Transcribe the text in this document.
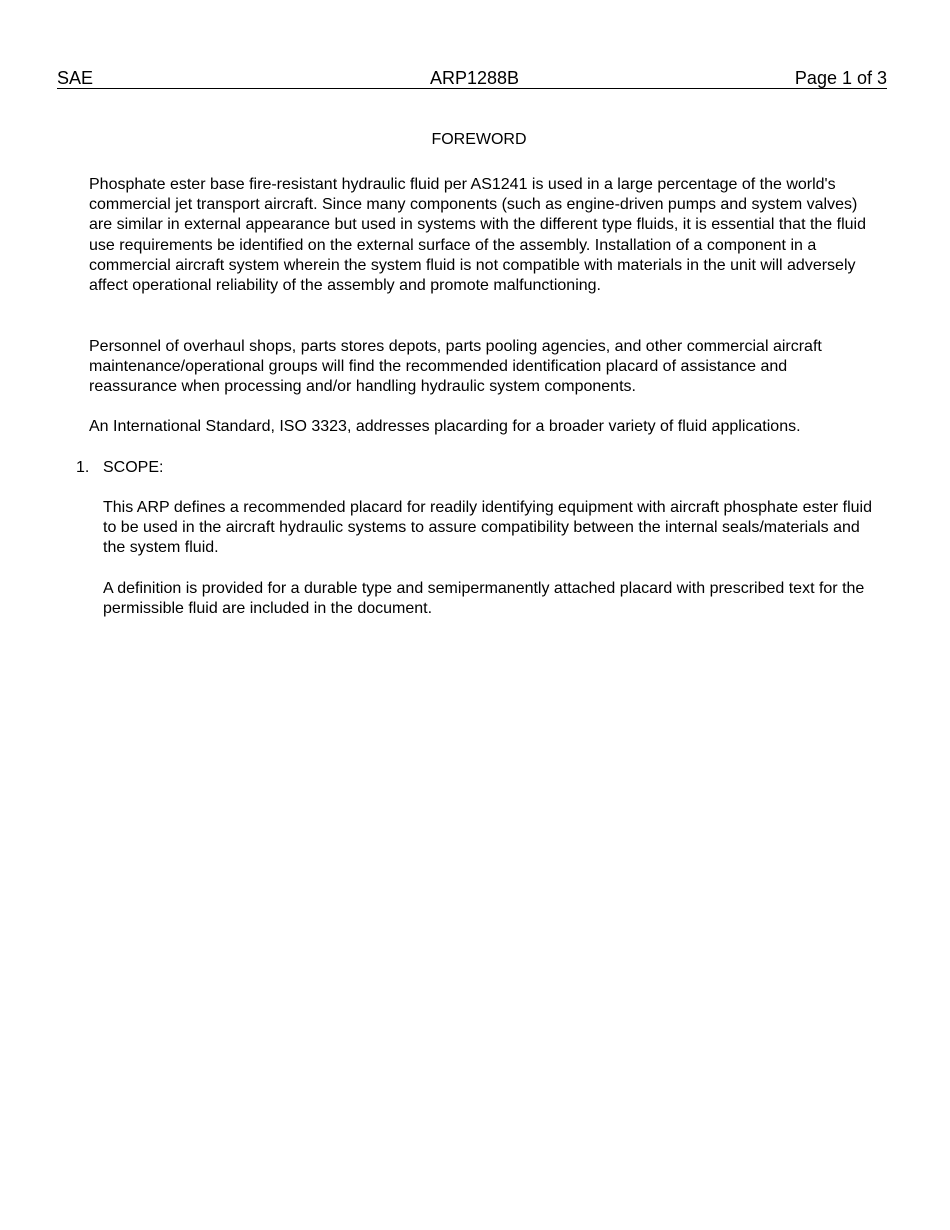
SAE	ARP1288B	Page 1 of 3
FOREWORD

Phosphate ester base fire-resistant hydraulic fluid per AS1241 is used in a large percentage of the world's commercial jet transport aircraft. Since many components (such as engine-driven pumps and system valves) are similar in external appearance but used in systems with the different type fluids, it is essential that the fluid use requirements be identified on the external surface of the assembly. Installation of a component in a commercial aircraft system wherein the system fluid is not compatible with materials in the unit will adversely affect operational reliability of the assembly and promote malfunctioning.

Personnel of overhaul shops, parts stores depots, parts pooling agencies, and other commercial aircraft maintenance/operational groups will find the recommended identification placard of assistance and reassurance when processing and/or handling hydraulic system components.

An International Standard, ISO 3323, addresses placarding for a broader variety of fluid applications.

1. SCOPE:

This ARP defines a recommended placard for readily identifying equipment with aircraft phosphate ester fluid to be used in the aircraft hydraulic systems to assure compatibility between the internal seals/materials and the system fluid.

A definition is provided for a durable type and semipermanently attached placard with prescribed text for the permissible fluid are included in the document.
